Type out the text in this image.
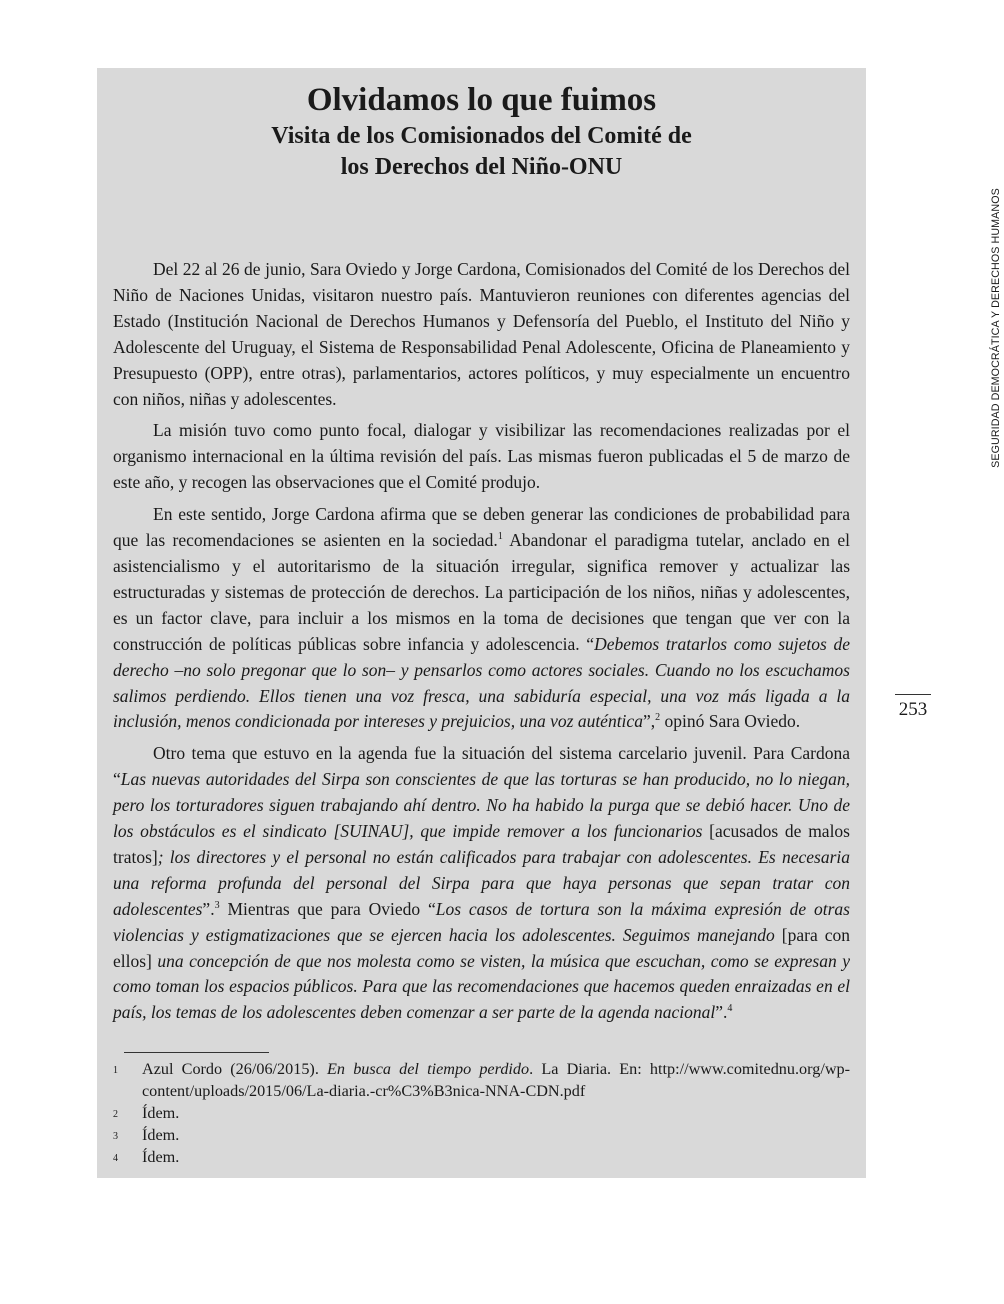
Olvidamos lo que fuimos
Visita de los Comisionados del Comité de
los Derechos del Niño-ONU

Del 22 al 26 de junio, Sara Oviedo y Jorge Cardona, Comisionados del Comité de los Derechos del Niño de Naciones Unidas, visitaron nuestro país. Mantuvieron reuniones con diferentes agencias del Estado (Institución Nacional de Derechos Humanos y Defensoría del Pueblo, el Instituto del Niño y Adolescente del Uruguay, el Sistema de Responsabilidad Penal Adolescente, Oficina de Planeamiento y Presupuesto (OPP), entre otras), parlamentarios, actores políticos, y muy especialmente un encuentro con niños, niñas y adolescentes.

La misión tuvo como punto focal, dialogar y visibilizar las recomendaciones realizadas por el organismo internacional en la última revisión del país. Las mismas fueron publicadas el 5 de marzo de este año, y recogen las observaciones que el Comité produjo.

En este sentido, Jorge Cardona afirma que se deben generar las condiciones de probabilidad para que las recomendaciones se asienten en la sociedad.$^1$ Abandonar el paradigma tutelar, anclado en el asistencialismo y el autoritarismo de la situación irregular, significa remover y actualizar las estructuradas y sistemas de protección de derechos. La participación de los niños, niñas y adolescentes, es un factor clave, para incluir a los mismos en la toma de decisiones que tengan que ver con la construcción de políticas públicas sobre infancia y adolescencia. “Debemos tratarlos como sujetos de derecho –no solo pregonar que lo son– y pensarlos como actores sociales. Cuando no los escuchamos salimos perdiendo. Ellos tienen una voz fresca, una sabiduría especial, una voz más ligada a la inclusión, menos condicionada por intereses y prejuicios, una voz auténtica”,$^2$ opinó Sara Oviedo.

Otro tema que estuvo en la agenda fue la situación del sistema carcelario juvenil. Para Cardona “Las nuevas autoridades del Sirpa son conscientes de que las torturas se han producido, no lo niegan, pero los torturadores siguen trabajando ahí dentro. No ha habido la purga que se debió hacer. Uno de los obstáculos es el sindicato [SUINAU], que impide remover a los funcionarios [acusados de malos tratos]; los directores y el personal no están calificados para trabajar con adolescentes. Es necesaria una reforma profunda del personal del Sirpa para que haya personas que sepan tratar con adolescentes”.$^3$ Mientras que para Oviedo “Los casos de tortura son la máxima expresión de otras violencias y estigmatizaciones que se ejercen hacia los adolescentes. Seguimos manejando [para con ellos] una concepción de que nos molesta como se visten, la música que escuchan, como se expresan y como toman los espacios públicos. Para que las recomendaciones que hacemos queden enraizadas en el país, los temas de los adolescentes deben comenzar a ser parte de la agenda nacional”.$^4$

1	Azul Cordo (26/06/2015). En busca del tiempo perdido. La Diaria. En: http://www.comitednu.org/wp-content/uploads/2015/06/La-diaria.-cr%C3%B3nica-NNA-CDN.pdf
2	Ídem.
3	Ídem.
4	Ídem.
SEGURIDAD DEMOCRÁTICA Y DERECHOS HUMANOS
253
